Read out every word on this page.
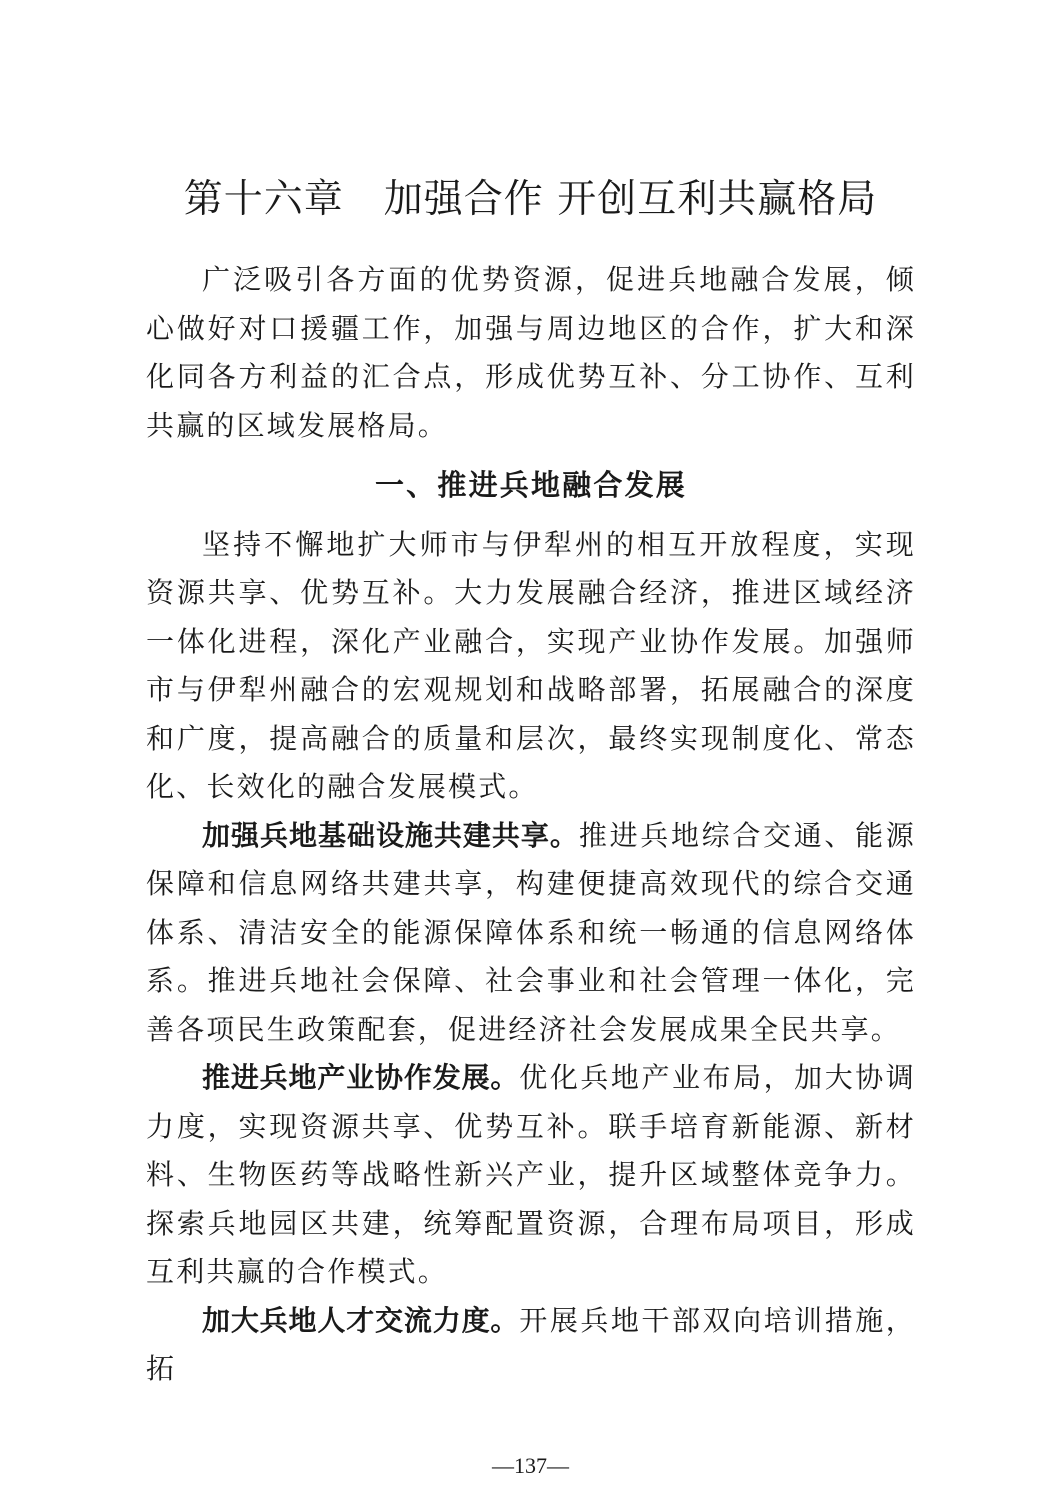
第十六章　加强合作 开创互利共赢格局

广泛吸引各方面的优势资源，促进兵地融合发展，倾心做好对口援疆工作，加强与周边地区的合作，扩大和深化同各方利益的汇合点，形成优势互补、分工协作、互利共赢的区域发展格局。

一、推进兵地融合发展

坚持不懈地扩大师市与伊犁州的相互开放程度，实现资源共享、优势互补。大力发展融合经济，推进区域经济一体化进程，深化产业融合，实现产业协作发展。加强师市与伊犁州融合的宏观规划和战略部署，拓展融合的深度和广度，提高融合的质量和层次，最终实现制度化、常态化、长效化的融合发展模式。

加强兵地基础设施共建共享。推进兵地综合交通、能源保障和信息网络共建共享，构建便捷高效现代的综合交通体系、清洁安全的能源保障体系和统一畅通的信息网络体系。推进兵地社会保障、社会事业和社会管理一体化，完善各项民生政策配套，促进经济社会发展成果全民共享。

推进兵地产业协作发展。优化兵地产业布局，加大协调力度，实现资源共享、优势互补。联手培育新能源、新材料、生物医药等战略性新兴产业，提升区域整体竞争力。探索兵地园区共建，统筹配置资源，合理布局项目，形成互利共赢的合作模式。

加大兵地人才交流力度。开展兵地干部双向培训措施，拓

—137—
